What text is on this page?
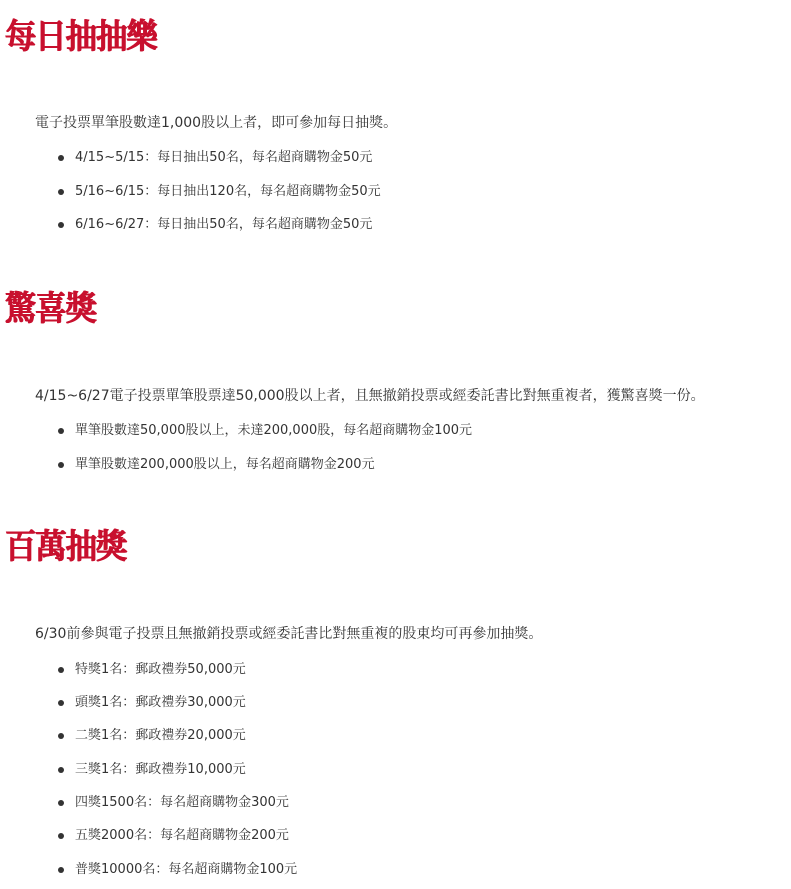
每日抽抽樂

電子投票單筆股數達1,000股以上者，即可參加每日抽獎。

4/15~5/15：每日抽出50名，每名超商購物金50元
5/16~6/15：每日抽出120名，每名超商購物金50元
6/16~6/27：每日抽出50名，每名超商購物金50元
驚喜獎

4/15~6/27電子投票單筆股票達50,000股以上者，且無撤銷投票或經委託書比對無重複者，獲驚喜獎一份。

單筆股數達50,000股以上，未達200,000股，每名超商購物金100元
單筆股數達200,000股以上，每名超商購物金200元
百萬抽獎

6/30前參與電子投票且無撤銷投票或經委託書比對無重複的股東均可再參加抽獎。

特獎1名：郵政禮券50,000元
頭獎1名：郵政禮券30,000元
二獎1名：郵政禮券20,000元
三獎1名：郵政禮券10,000元
四獎1500名：每名超商購物金300元
五獎2000名：每名超商購物金200元
普獎10000名：每名超商購物金100元
